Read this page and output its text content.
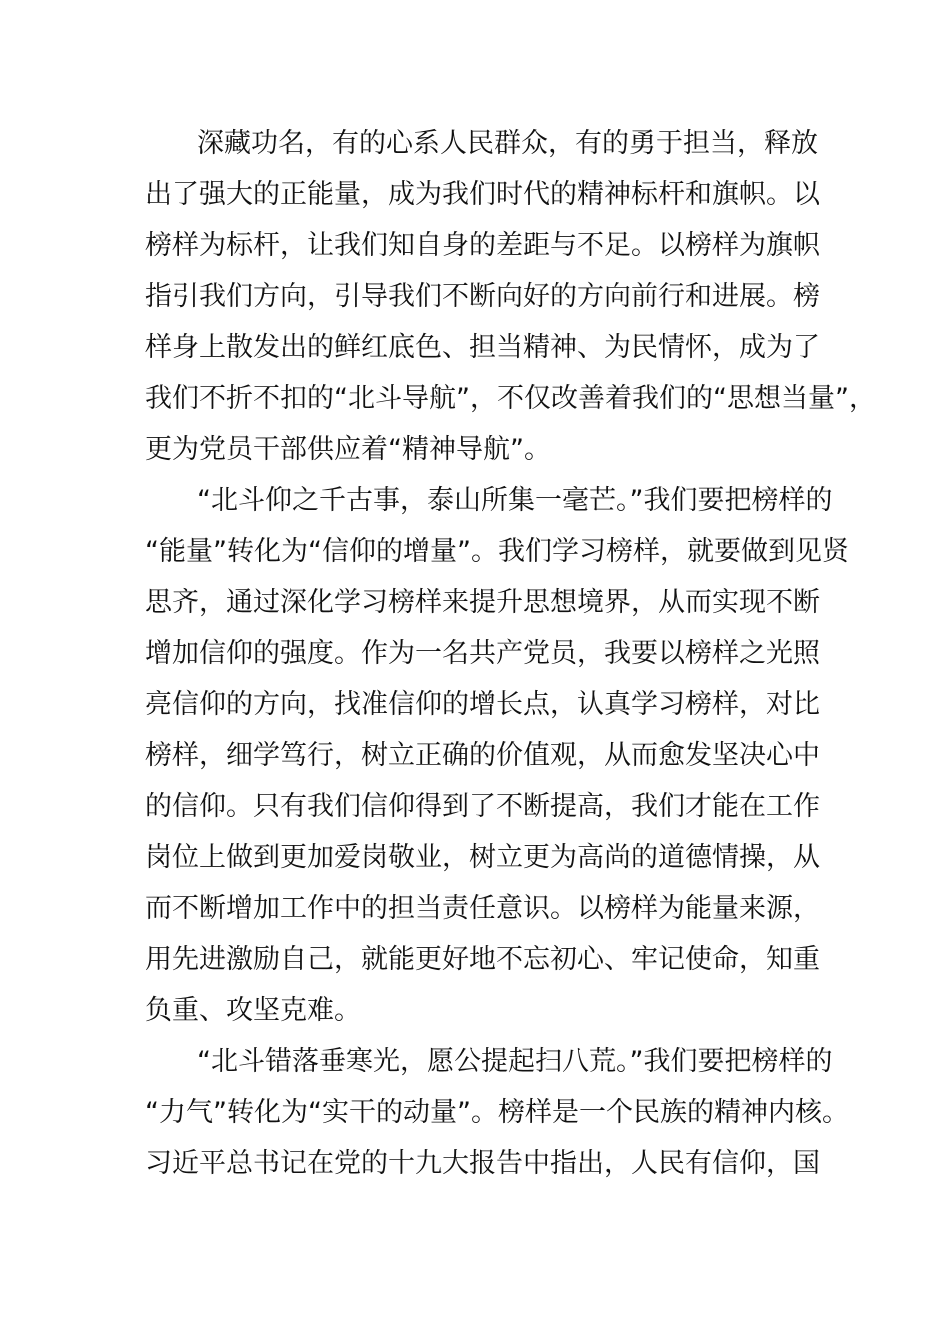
深藏功名，有的心系人民群众，有的勇于担当，释放
出了强大的正能量，成为我们时代的精神标杆和旗帜。以
榜样为标杆，让我们知自身的差距与不足。以榜样为旗帜
指引我们方向，引导我们不断向好的方向前行和进展。榜
样身上散发出的鲜红底色、担当精神、为民情怀，成为了
我们不折不扣的“北斗导航”，不仅改善着我们的“思想当量”，
更为党员干部供应着“精神导航”。
“北斗仰之千古事，泰山所集一毫芒。”我们要把榜样的
“能量”转化为“信仰的增量”。我们学习榜样，就要做到见贤
思齐，通过深化学习榜样来提升思想境界，从而实现不断
增加信仰的强度。作为一名共产党员，我要以榜样之光照
亮信仰的方向，找准信仰的增长点，认真学习榜样，对比
榜样，细学笃行，树立正确的价值观，从而愈发坚决心中
的信仰。只有我们信仰得到了不断提高，我们才能在工作
岗位上做到更加爱岗敬业，树立更为高尚的道德情操，从
而不断增加工作中的担当责任意识。以榜样为能量来源，
用先进激励自己，就能更好地不忘初心、牢记使命，知重
负重、攻坚克难。
“北斗错落垂寒光，愿公提起扫八荒。”我们要把榜样的
“力气”转化为“实干的动量”。榜样是一个民族的精神内核。
习近平总书记在党的十九大报告中指出，人民有信仰，国
